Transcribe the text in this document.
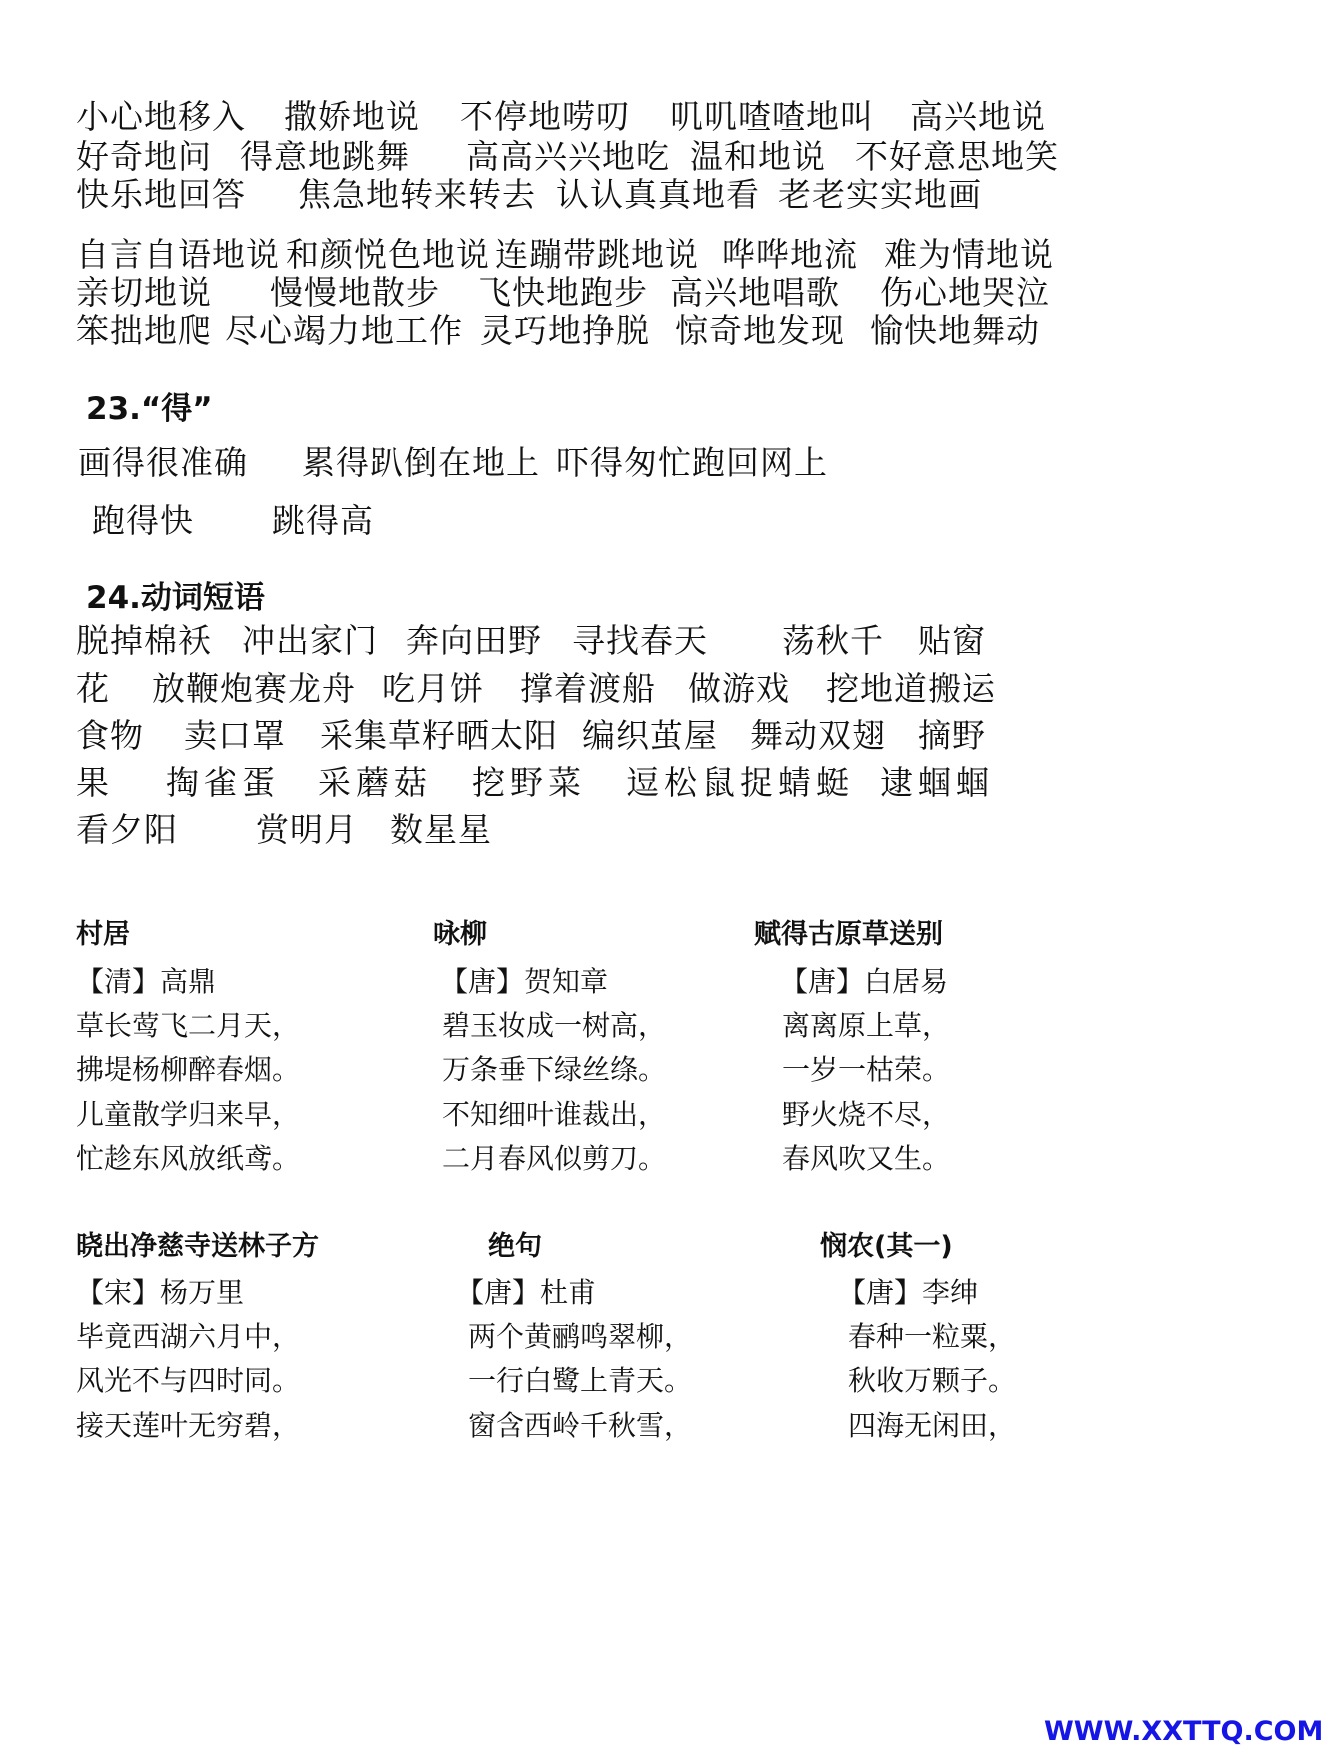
小心地移入 撒娇地说 不停地唠叨 叽叽喳喳地叫 高兴地说
好奇地问 得意地跳舞 高高兴兴地吃 温和地说 不好意思地笑
快乐地回答 焦急地转来转去 认认真真地看 老老实实地画
自言自语地说 和颜悦色地说 连蹦带跳地说 哗哗地流 难为情地说
亲切地说 慢慢地散步 飞快地跑步 高兴地唱歌 伤心地哭泣
笨拙地爬 尽心竭力地工作 灵巧地挣脱 惊奇地发现 愉快地舞动
23.“得”
画得很准确 累得趴倒在地上 吓得匆忙跑回网上
跑得快 跳得高
24.动词短语
脱掉棉袄 冲出家门 奔向田野 寻找春天 荡秋千 贴窗
花 放鞭炮赛龙舟 吃月饼 撑着渡船 做游戏 挖地道搬运
食物 卖口罩 采集草籽晒太阳 编织茧屋 舞动双翅 摘野
果 掏雀蛋 采蘑菇 挖野菜 逗松鼠捉蜻蜓 逮蝈蝈
看夕阳 赏明月 数星星
村居
【清】高鼎
草长莺飞二月天，
拂堤杨柳醉春烟。
儿童散学归来早，
忙趁东风放纸鸢。
咏柳
【唐】贺知章
碧玉妆成一树高，
万条垂下绿丝绦。
不知细叶谁裁出，
二月春风似剪刀。
赋得古原草送别
【唐】白居易
离离原上草，
一岁一枯荣。
野火烧不尽，
春风吹又生。
晓出净慈寺送林子方
【宋】杨万里
毕竟西湖六月中，
风光不与四时同。
接天莲叶无穷碧，
绝句
【唐】杜甫
两个黄鹂鸣翠柳，
一行白鹭上青天。
窗含西岭千秋雪，
悯农(其一)
【唐】李绅
春种一粒粟，
秋收万颗子。
四海无闲田，
WWW.XXTTQ.COM
